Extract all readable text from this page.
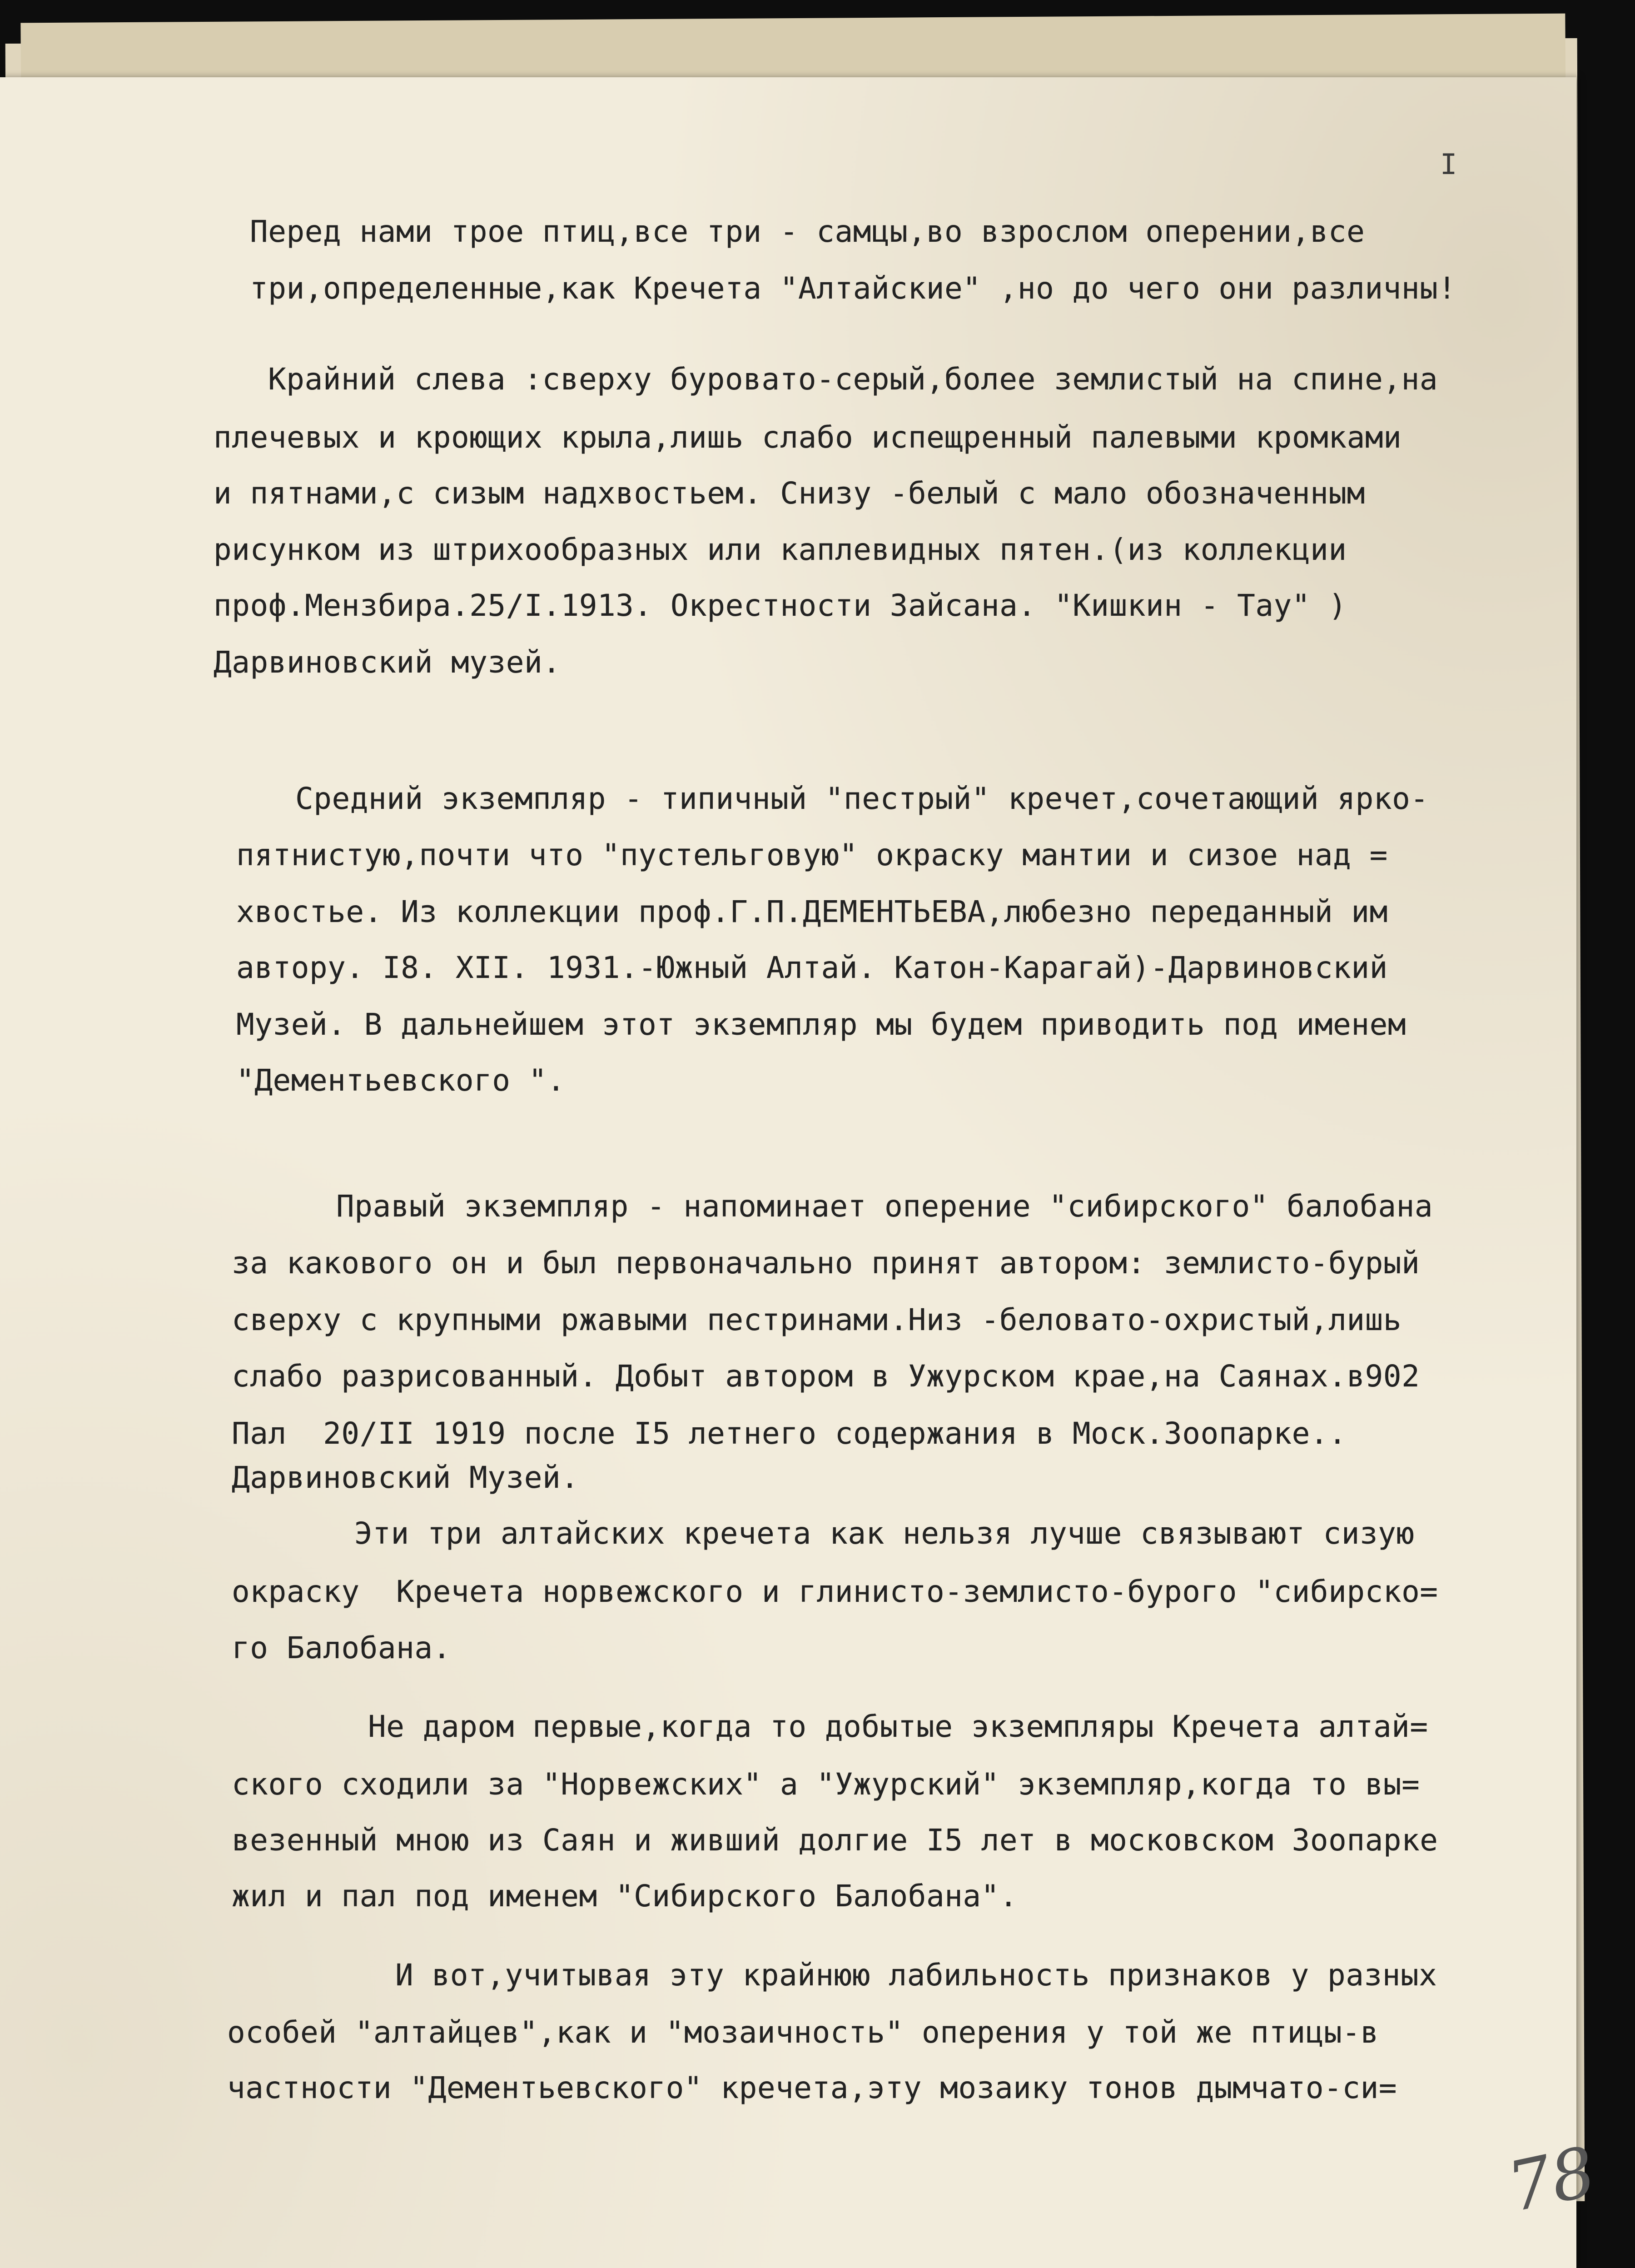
I
Перед нами трое птиц,все три - самцы,во взрослом оперении,все
три,определенные,как Кречета "Алтайские" ,но до чего они различны!
Крайний слева :сверху буровато-серый,более землистый на спине,на
плечевых и кроющих крыла,лишь слабо испещренный палевыми кромками
и пятнами,с сизым надхвостьем. Снизу -белый с мало обозначенным
рисунком из штрихообразных или каплевидных пятен.(из коллекции
проф.Мензбира.25/I.1913. Окрестности Зайсана. "Кишкин - Тау" )
Дарвиновский музей.
Средний экземпляр - типичный "пестрый" кречет,сочетающий ярко-
пятнистую,почти что "пустельговую" окраску мантии и сизое над =
хвостье. Из коллекции проф.Г.П.ДЕМЕНТЬЕВА,любезно переданный им
автору. I8. XII. 1931.-Южный Алтай. Катон-Карагай)-Дарвиновский
Музей. В дальнейшем этот экземпляр мы будем приводить под именем
"Дементьевского ".
Правый экземпляр - напоминает оперение "сибирского" балобана
за каковогo он и был первоначально принят автором: землисто-бурый
сверху с крупными ржавыми пестринами.Низ -беловато-охристый,лишь
слабо разрисованный. Добыт автором в Ужурском крае,на Саянах.в902
Пал  20/II 1919 после I5 летнего содержания в Моск.Зоопарке..
Дарвиновский Музей.
Эти три алтайских кречета как нельзя лучше связывают сизую
окраску  Кречета норвежского и глинисто-землисто-бурого "сибирско=
го Балобана.
Не даром первые,когда то добытые экземпляры Кречета алтай=
ского сходили за "Норвежских" а "Ужурский" экземпляр,когда то вы=
везенный мною из Саян и живший долгие I5 лет в московском Зоопарке
жил и пал под именем "Сибирского Балобана".
И вот,учитывая эту крайнюю лабильность признаков у разных
особей "алтайцев",как и "мозаичность" оперения у той же птицы-в
частности "Дементьевского" кречета,эту мозаику тонов дымчато-си=
78
